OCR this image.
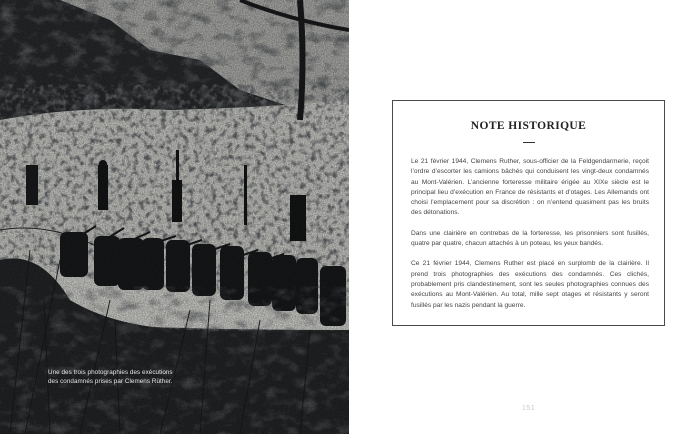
Une des trois photographies des exécutions
des condamnés prises par Clemens Rüther.
NOTE HISTORIQUE

Le 21 février 1944, Clemens Ruther, sous-officier de la Feldgendarmerie, reçoit l’ordre d’escorter les camions bâchés qui conduisent les vingt-deux condamnés au Mont-Valérien. L’ancienne forteresse militaire érigée au XIXe siècle est le principal lieu d’exécution en France de résistants et d’otages. Les Allemands ont choisi l’emplacement pour sa discrétion : on n’entend quasiment pas les bruits des détonations.

Dans une clairière en contrebas de la forteresse, les prisonniers sont fusillés, quatre par quatre, chacun attachés à un poteau, les yeux bandés.

Ce 21 février 1944, Clemens Ruther est placé en surplomb de la clairière. Il prend trois photographies des exécutions des condamnés. Ces clichés, probablement pris clandestinement, sont les seules photographies connues des exécutions au Mont-Valérien. Au total, mille sept otages et résistants y seront fusillés par les nazis pendant la guerre.

151
